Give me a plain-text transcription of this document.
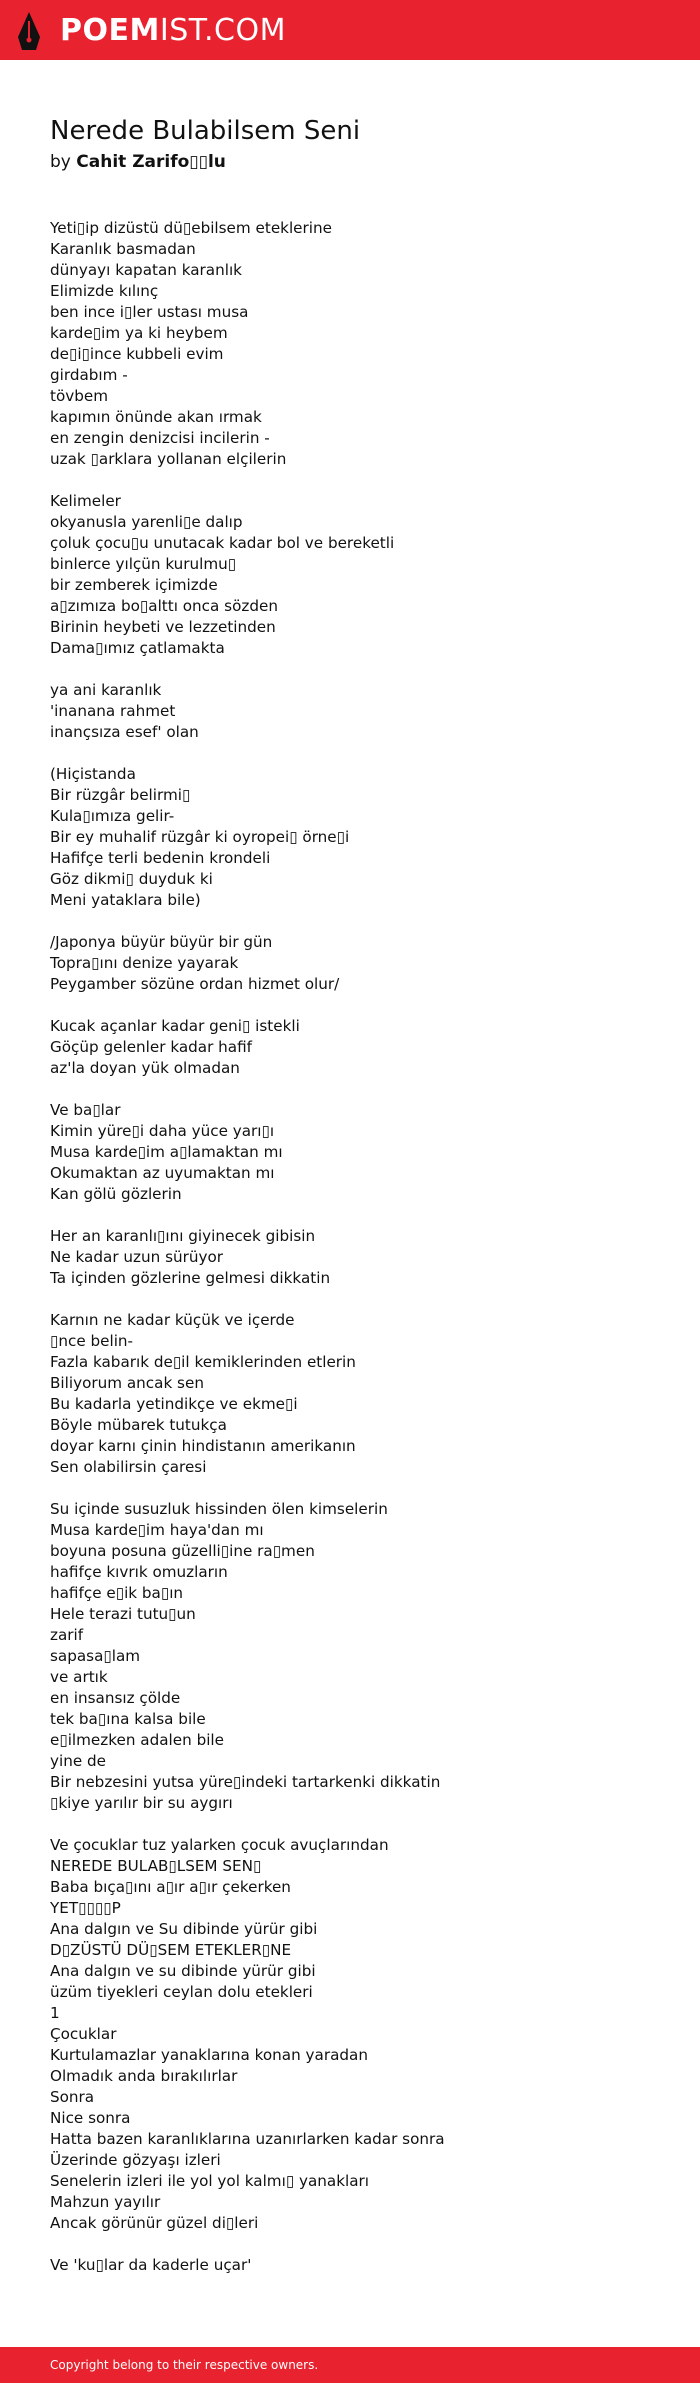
POEMIST.COM
Nerede Bulabilsem Seni
by Cahit Zarifo▯▯lu
Yeti▯ip dizüstü dü▯ebilsem eteklerine
Karanlık basmadan
dünyayı kapatan karanlık
Elimizde kılınç
ben ince i▯ler ustası musa
karde▯im ya ki heybem
de▯i▯ince kubbeli evim
girdabım -
tövbem
kapımın önünde akan ırmak
en zengin denizcisi incilerin -
uzak ▯arklara yollanan elçilerin
Kelimeler
okyanusla yarenli▯e dalıp
çoluk çocu▯u unutacak kadar bol ve bereketli
binlerce yılçün kurulmu▯
bir zemberek içimizde
a▯zımıza bo▯alttı onca sözden
Birinin heybeti ve lezzetinden
Dama▯ımız çatlamakta
ya ani karanlık
'inanana rahmet
inançsıza esef' olan
(Hiçistanda
Bir rüzgâr belirmi▯
Kula▯ımıza gelir-
Bir ey muhalif rüzgâr ki oyropei▯ örne▯i
Hafifçe terli bedenin krondeli
Göz dikmi▯ duyduk ki
Meni yataklara bile)
/Japonya büyür büyür bir gün
Topra▯ını denize yayarak
Peygamber sözüne ordan hizmet olur/
Kucak açanlar kadar geni▯ istekli
Göçüp gelenler kadar hafif
az'la doyan yük olmadan
Ve ba▯lar
Kimin yüre▯i daha yüce yarı▯ı
Musa karde▯im a▯lamaktan mı
Okumaktan az uyumaktan mı
Kan gölü gözlerin
Her an karanlı▯ını giyinecek gibisin
Ne kadar uzun sürüyor
Ta içinden gözlerine gelmesi dikkatin
Karnın ne kadar küçük ve içerde
▯nce belin-
Fazla kabarık de▯il kemiklerinden etlerin
Biliyorum ancak sen
Bu kadarla yetindikçe ve ekme▯i
Böyle mübarek tutukça
doyar karnı çinin hindistanın amerikanın
Sen olabilirsin çaresi
Su içinde susuzluk hissinden ölen kimselerin
Musa karde▯im haya'dan mı
boyuna posuna güzelli▯ine ra▯men
hafifçe kıvrık omuzların
hafifçe e▯ik ba▯ın
Hele terazi tutu▯un
zarif
sapasa▯lam
ve artık
en insansız çölde
tek ba▯ına kalsa bile
e▯ilmezken adalen bile
yine de
Bir nebzesini yutsa yüre▯indeki tartarkenki dikkatin
▯kiye yarılır bir su aygırı
Ve çocuklar tuz yalarken çocuk avuçlarından
NEREDE BULAB▯LSEM SEN▯
Baba bıça▯ını a▯ır a▯ır çekerken
YET▯▯▯▯P
Ana dalgın ve Su dibinde yürür gibi
D▯ZÜSTÜ DÜ▯SEM ETEKLER▯NE
Ana dalgın ve su dibinde yürür gibi
üzüm tiyekleri ceylan dolu etekleri
1
Çocuklar
Kurtulamazlar yanaklarına konan yaradan
Olmadık anda bırakılırlar
Sonra
Nice sonra
Hatta bazen karanlıklarına uzanırlarken kadar sonra
Üzerinde gözyaşı izleri
Senelerin izleri ile yol yol kalmı▯ yanakları
Mahzun yayılır
Ancak görünür güzel di▯leri
Ve 'ku▯lar da kaderle uçar'
Copyright belong to their respective owners.
